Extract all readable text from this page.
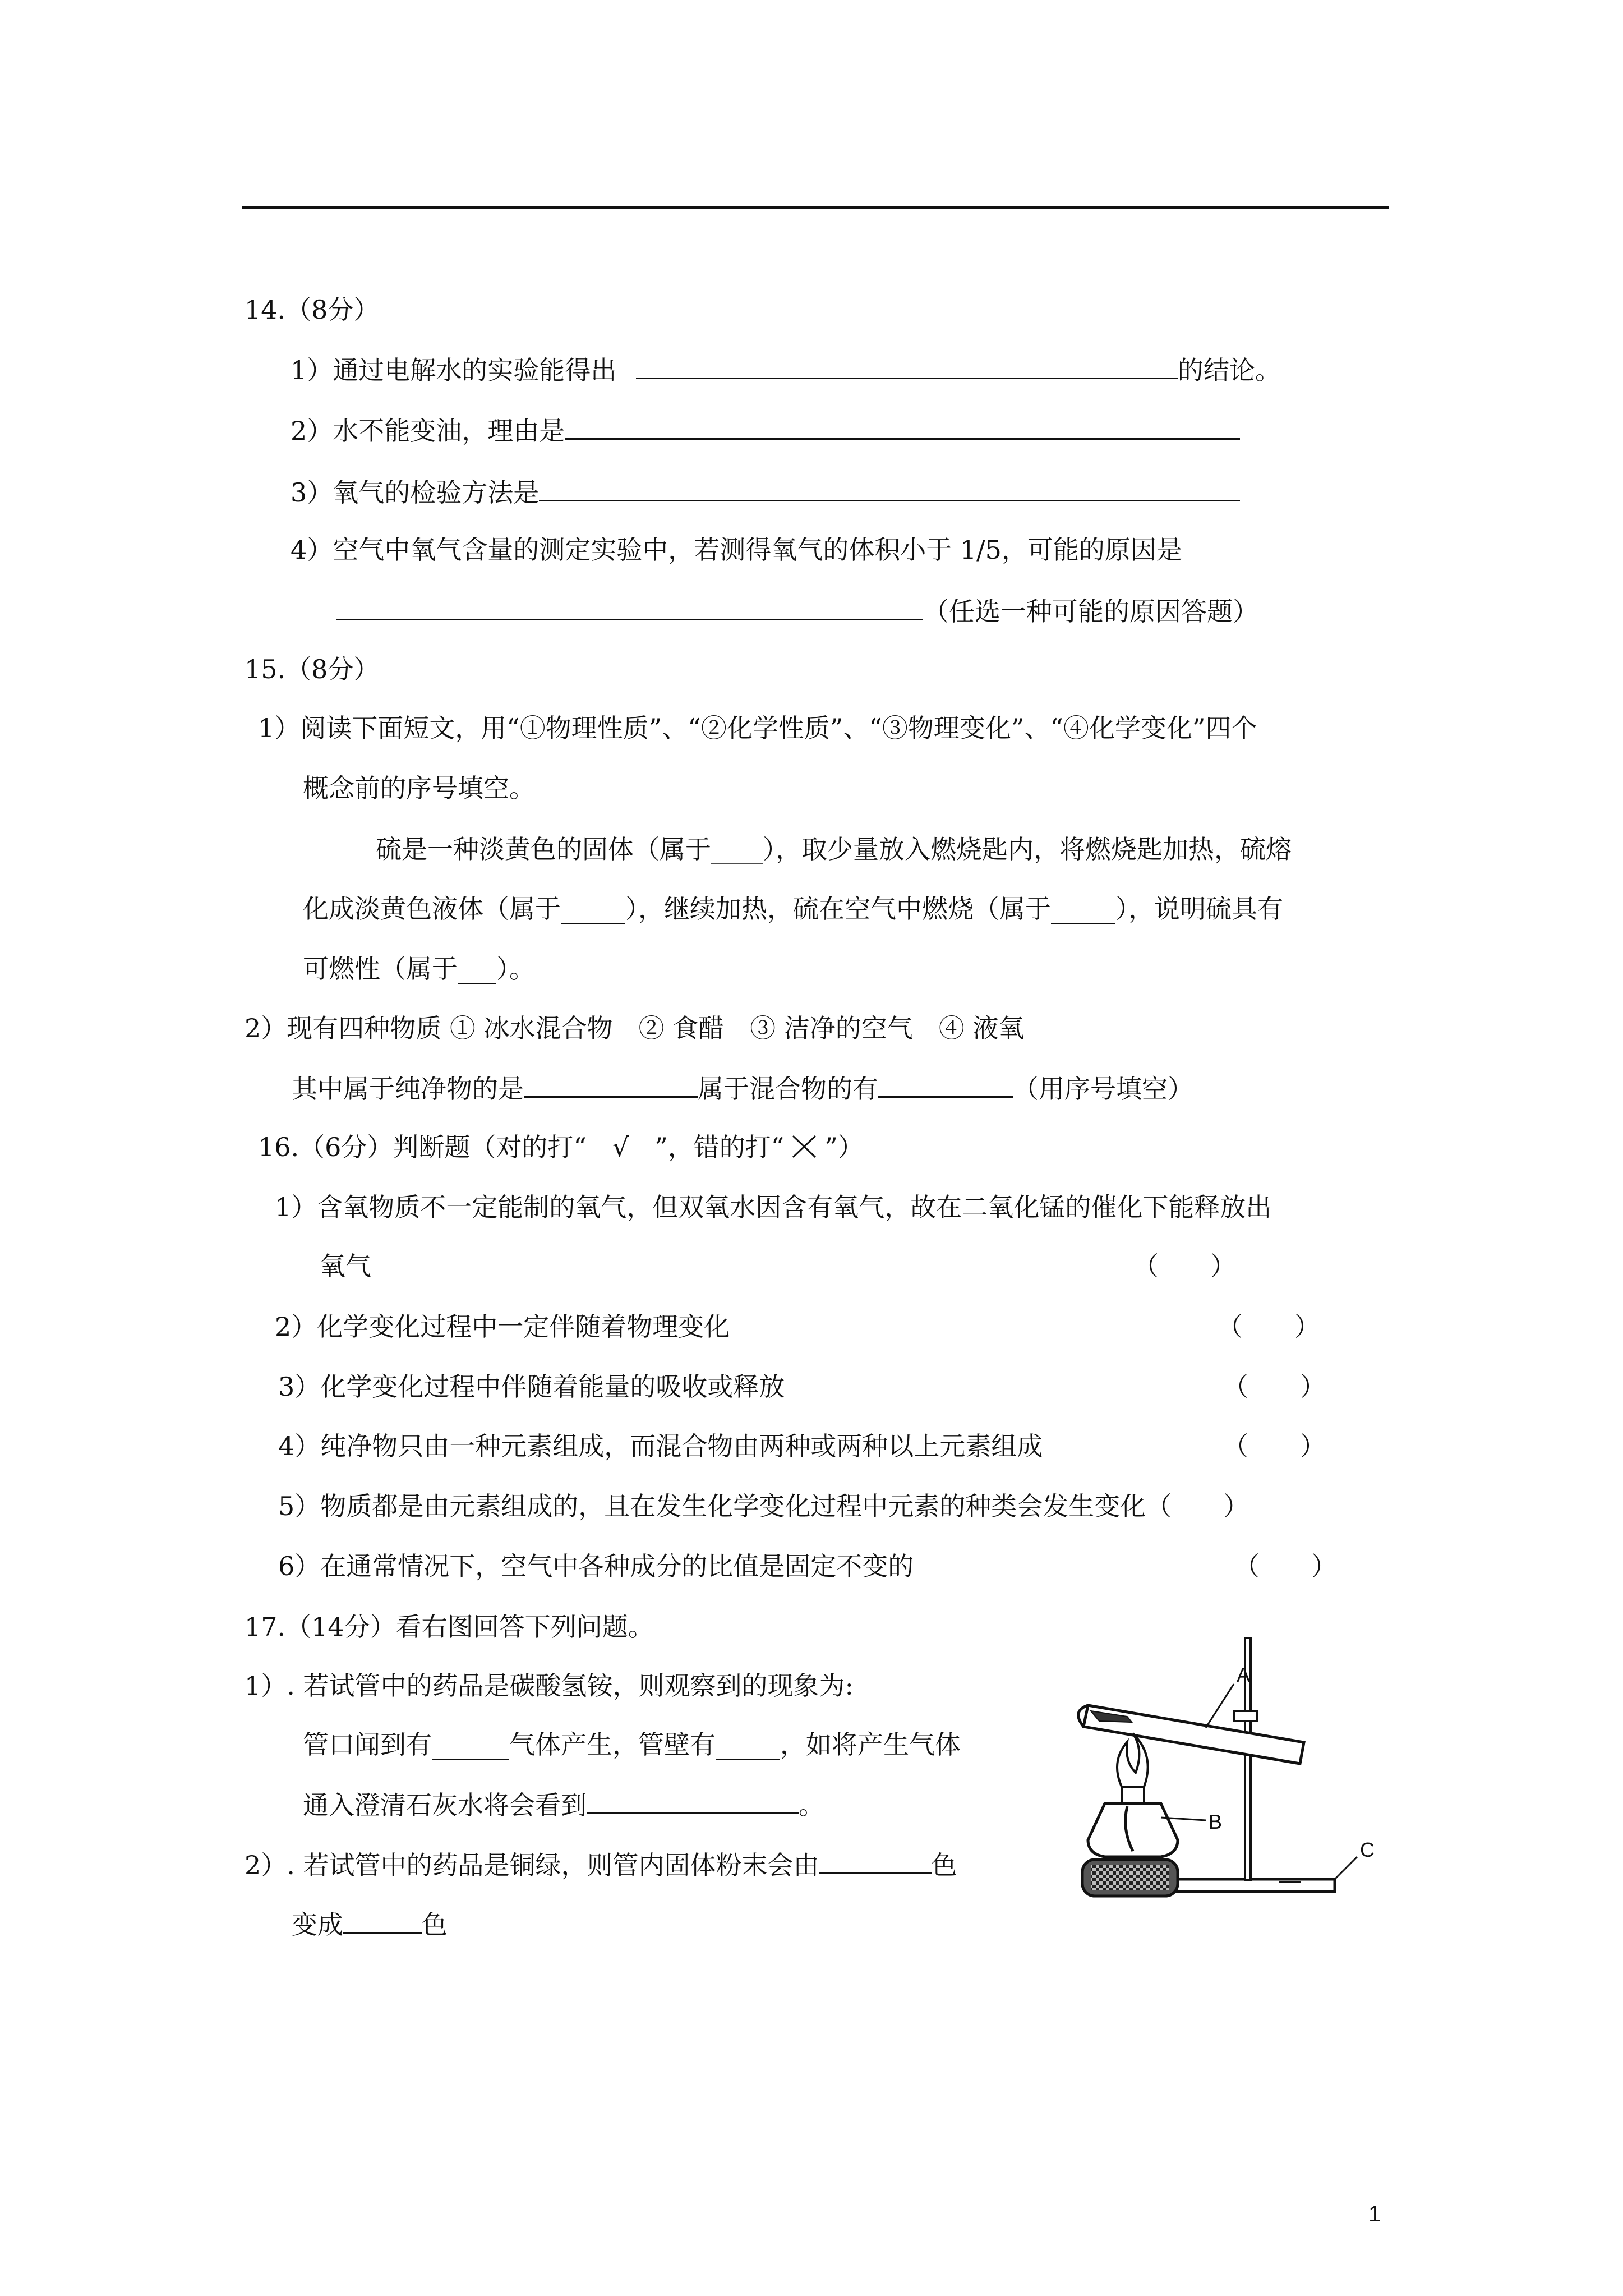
14.（8分）
1）通过电解水的实验能得出	的结论。
2）水不能变油，理由是
3）氧气的检验方法是
4）空气中氧气含量的测定实验中，若测得氧气的体积小于 1/5，可能的原因是
（任选一种可能的原因答题）
15.（8分）
1）阅读下面短文，用“①物理性质”、“②化学性质”、“③物理变化”、“④化学变化”四个
概念前的序号填空。
硫是一种淡黄色的固体（属于____），取少量放入燃烧匙内，将燃烧匙加热，硫熔
化成淡黄色液体（属于_____），继续加热，硫在空气中燃烧（属于_____），说明硫具有
可燃性（属于___）。
2）现有四种物质 ① 冰水混合物　② 食醋　③ 洁净的空气　④ 液氧
其中属于纯净物的是	属于混合物的有	（用序号填空）
16.（6分）判断题（对的打“　√　”，错的打“ ”）
1）含氧物质不一定能制的氧气，但双氧水因含有氧气，故在二氧化锰的催化下能释放出
氧气	（　　）
2）化学变化过程中一定伴随着物理变化	（　　）
3）化学变化过程中伴随着能量的吸收或释放	（　　）
4）纯净物只由一种元素组成，而混合物由两种或两种以上元素组成	（　　）
5）物质都是由元素组成的，且在发生化学变化过程中元素的种类会发生变化（　　）
6）在通常情况下，空气中各种成分的比值是固定不变的	（　　）
17.（14分）看右图回答下列问题。
1）. 若试管中的药品是碳酸氢铵，则观察到的现象为:
管口闻到有______气体产生，管壁有_____，如将产生气体
通入澄清石灰水将会看到	。
2）. 若试管中的药品是铜绿，则管内固体粉末会由	色
变成	色
A
B
C
1
